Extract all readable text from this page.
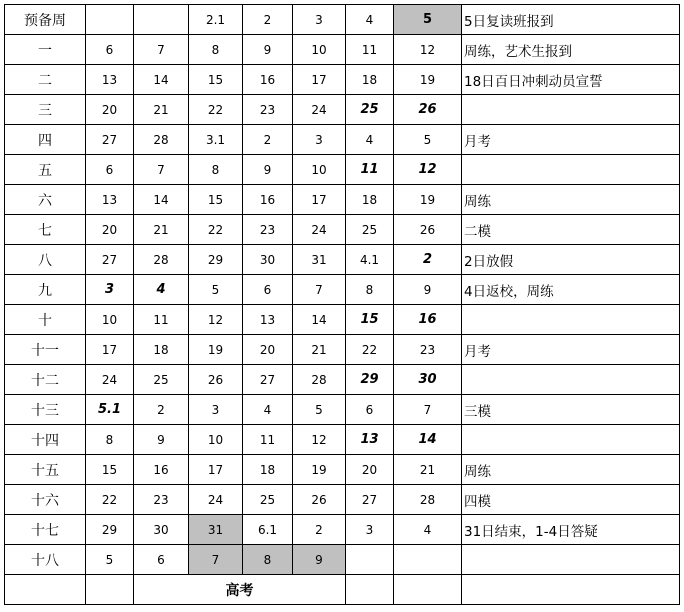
预备周			2.1	2	3	4	5	5日复读班报到
一	6	7	8	9	10	11	12	周练，艺术生报到
二	13	14	15	16	17	18	19	18日百日冲刺动员宣誓
三	20	21	22	23	24	25	26	
四	27	28	3.1	2	3	4	5	月考
五	6	7	8	9	10	11	12	
六	13	14	15	16	17	18	19	周练
七	20	21	22	23	24	25	26	二模
八	27	28	29	30	31	4.1	2	2日放假
九	3	4	5	6	7	8	9	4日返校，周练
十	10	11	12	13	14	15	16	
十一	17	18	19	20	21	22	23	月考
十二	24	25	26	27	28	29	30	
十三	5.1	2	3	4	5	6	7	三模
十四	8	9	10	11	12	13	14	
十五	15	16	17	18	19	20	21	周练
十六	22	23	24	25	26	27	28	四模
十七	29	30	31	6.1	2	3	4	31日结束，1-4日答疑
十八	5	6	7	8	9			
		高考						
